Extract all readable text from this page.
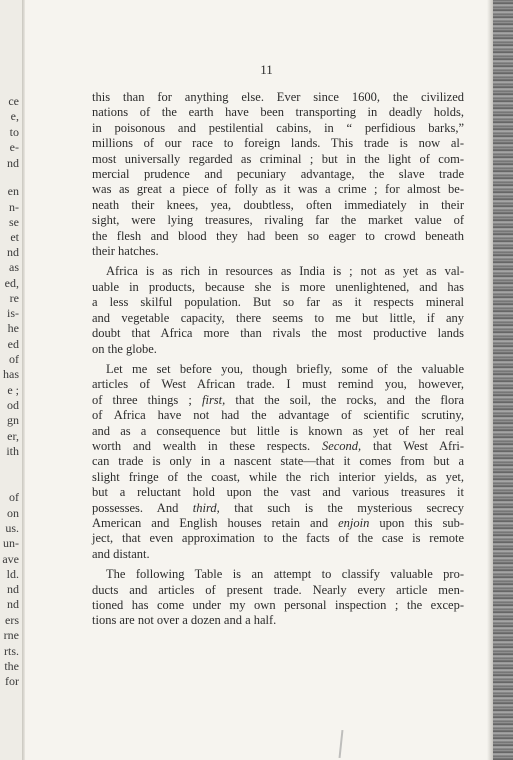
ce
e,
to
e-
nd
en
n-
se
et
nd
as
ed,
re
is-
he
ed
of
has
e ;
od
gn
er,
ith
of
on
us.
un-
ave
ld.
nd
nd
ers
rne
rts.
the
for
11
this than for anything else. Ever since 1600, the civilized
nations of the earth have been transporting in deadly holds,
in poisonous and pestilential cabins, in “ perfidious barks,”
millions of our race to foreign lands. This trade is now al-
most universally regarded as criminal ; but in the light of com-
mercial prudence and pecuniary advantage, the slave trade
was as great a piece of folly as it was a crime ; for almost be-
neath their knees, yea, doubtless, often immediately in their
sight, were lying treasures, rivaling far the market value of
the flesh and blood they had been so eager to crowd beneath
their hatches.
Africa is as rich in resources as India is ; not as yet as val-
uable in products, because she is more unenlightened, and has
a less skilful population. But so far as it respects mineral
and vegetable capacity, there seems to me but little, if any
doubt that Africa more than rivals the most productive lands
on the globe.
Let me set before you, though briefly, some of the valuable
articles of West African trade. I must remind you, however,
of three things ; first, that the soil, the rocks, and the flora
of Africa have not had the advantage of scientific scrutiny,
and as a consequence but little is known as yet of her real
worth and wealth in these respects. Second, that West Afri-
can trade is only in a nascent state—that it comes from but a
slight fringe of the coast, while the rich interior yields, as yet,
but a reluctant hold upon the vast and various treasures it
possesses. And third, that such is the mysterious secrecy
American and English houses retain and enjoin upon this sub-
ject, that even approximation to the facts of the case is remote
and distant.
The following Table is an attempt to classify valuable pro-
ducts and articles of present trade. Nearly every article men-
tioned has come under my own personal inspection ; the excep-
tions are not over a dozen and a half.
